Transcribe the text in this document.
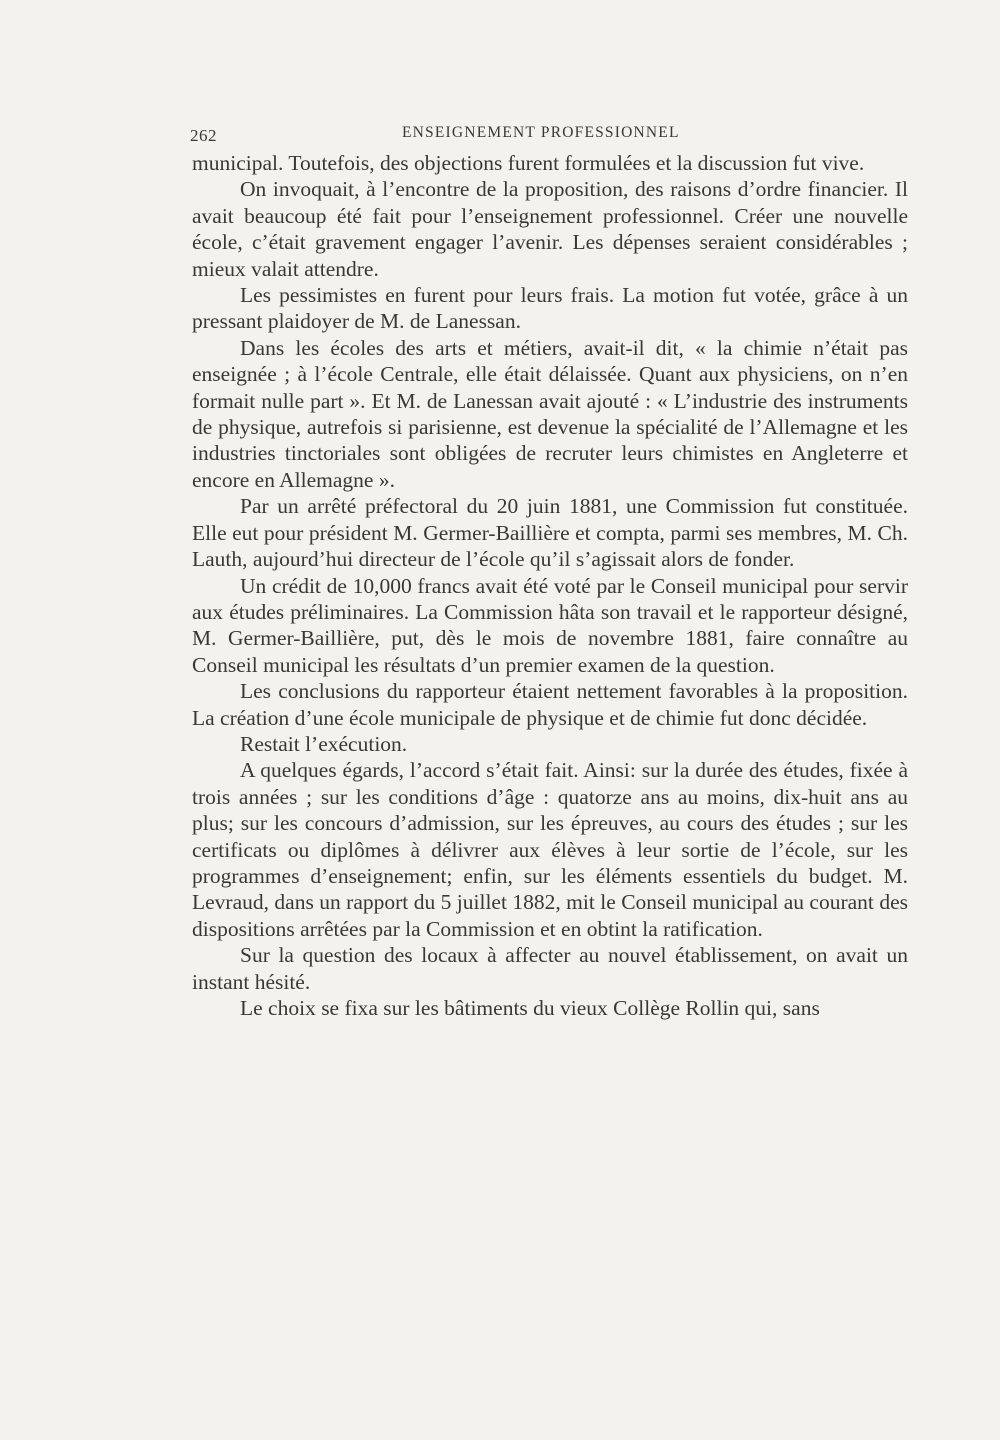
262	ENSEIGNEMENT PROFESSIONNEL

municipal. Toutefois, des objections furent formulées et la discussion fut vive.

On invoquait, à l’encontre de la proposition, des raisons d’ordre financier. Il avait beaucoup été fait pour l’enseignement professionnel. Créer une nouvelle école, c’était gravement engager l’avenir. Les dépenses seraient considérables ; mieux valait attendre.

Les pessimistes en furent pour leurs frais. La motion fut votée, grâce à un pressant plaidoyer de M. de Lanessan.

Dans les écoles des arts et métiers, avait-il dit, « la chimie n’était pas enseignée ; à l’école Centrale, elle était délaissée. Quant aux physiciens, on n’en formait nulle part ». Et M. de Lanessan avait ajouté : « L’industrie des instruments de physique, autrefois si parisienne, est devenue la spécialité de l’Allemagne et les industries tinctoriales sont obligées de recruter leurs chimistes en Angleterre et encore en Allemagne ».

Par un arrêté préfectoral du 20 juin 1881, une Commission fut constituée. Elle eut pour président M. Germer-Baillière et compta, parmi ses membres, M. Ch. Lauth, aujourd’hui directeur de l’école qu’il s’agissait alors de fonder.

Un crédit de 10,000 francs avait été voté par le Conseil municipal pour servir aux études préliminaires. La Commission hâta son travail et le rapporteur désigné, M. Germer-Baillière, put, dès le mois de novembre 1881, faire connaître au Conseil municipal les résultats d’un premier examen de la question.

Les conclusions du rapporteur étaient nettement favorables à la proposition. La création d’une école municipale de physique et de chimie fut donc décidée.

Restait l’exécution.

A quelques égards, l’accord s’était fait. Ainsi: sur la durée des études, fixée à trois années ; sur les conditions d’âge : quatorze ans au moins, dix-huit ans au plus; sur les concours d’admission, sur les épreuves, au cours des études ; sur les certificats ou diplômes à délivrer aux élèves à leur sortie de l’école, sur les programmes d’enseignement; enfin, sur les éléments essentiels du budget. M. Levraud, dans un rapport du 5 juillet 1882, mit le Conseil municipal au courant des dispositions arrêtées par la Commission et en obtint la ratification.

Sur la question des locaux à affecter au nouvel établissement, on avait un instant hésité.

Le choix se fixa sur les bâtiments du vieux Collège Rollin qui, sans
